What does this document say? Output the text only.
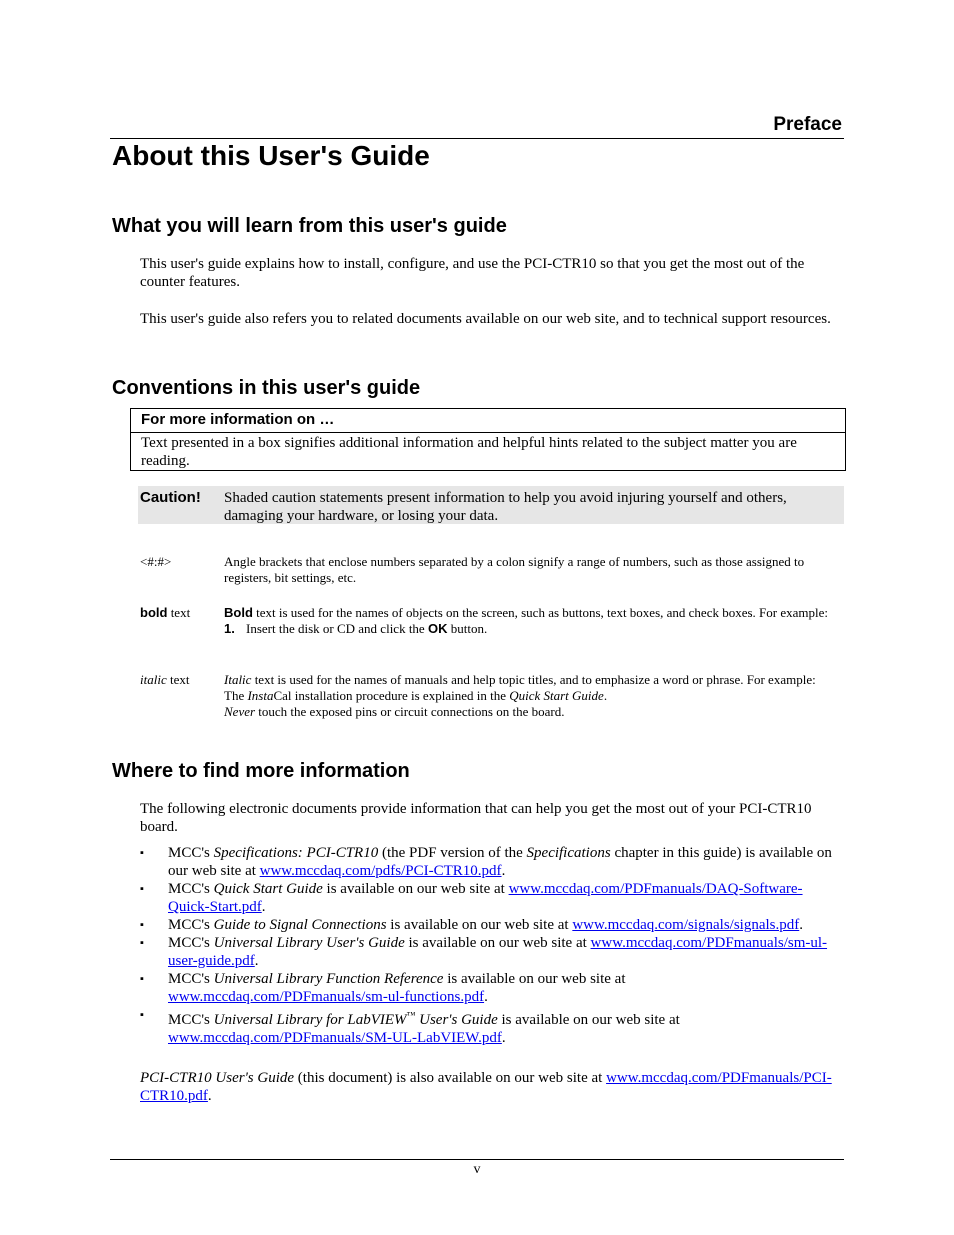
Preface
About this User's Guide
What you will learn from this user's guide
This user's guide explains how to install, configure, and use the PCI-CTR10 so that you get the most out of the counter features.
This user's guide also refers you to related documents available on our web site, and to technical support resources.
Conventions in this user's guide
For more information on …
Text presented in a box signifies additional information and helpful hints related to the subject matter you are reading.
Caution! Shaded caution statements present information to help you avoid injuring yourself and others, damaging your hardware, or losing your data.
<#:#>	Angle brackets that enclose numbers separated by a colon signify a range of numbers, such as those assigned to registers, bit settings, etc.
bold text	Bold text is used for the names of objects on the screen, such as buttons, text boxes, and check boxes. For example:
1. Insert the disk or CD and click the OK button.
italic text	Italic text is used for the names of manuals and help topic titles, and to emphasize a word or phrase. For example:
The InstaCal installation procedure is explained in the Quick Start Guide.
Never touch the exposed pins or circuit connections on the board.
Where to find more information
The following electronic documents provide information that can help you get the most out of your PCI-CTR10 board.
▪ MCC's Specifications: PCI-CTR10 (the PDF version of the Specifications chapter in this guide) is available on our web site at www.mccdaq.com/pdfs/PCI-CTR10.pdf.
▪ MCC's Quick Start Guide is available on our web site at www.mccdaq.com/PDFmanuals/DAQ-Software-Quick-Start.pdf.
▪ MCC's Guide to Signal Connections is available on our web site at www.mccdaq.com/signals/signals.pdf.
▪ MCC's Universal Library User's Guide is available on our web site at www.mccdaq.com/PDFmanuals/sm-ul-user-guide.pdf.
▪ MCC's Universal Library Function Reference is available on our web site at www.mccdaq.com/PDFmanuals/sm-ul-functions.pdf.
▪ MCC's Universal Library for LabVIEW™ User's Guide is available on our web site at www.mccdaq.com/PDFmanuals/SM-UL-LabVIEW.pdf.
PCI-CTR10 User's Guide (this document) is also available on our web site at www.mccdaq.com/PDFmanuals/PCI-CTR10.pdf.
v
